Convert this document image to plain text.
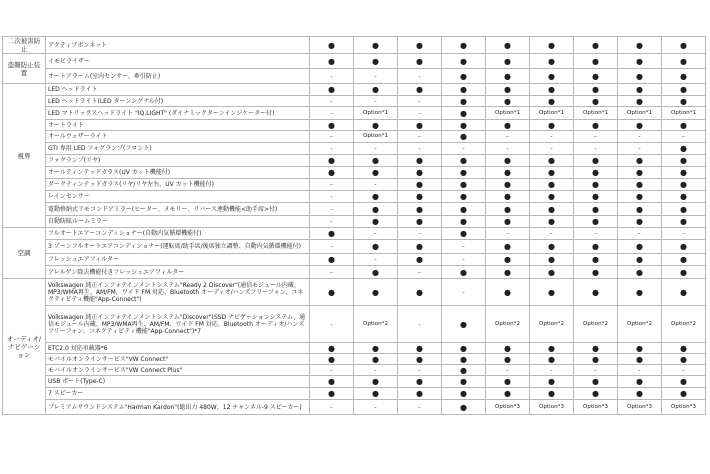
二次被害防止	アクティブボンネット	●	●	●	●	●	●	●	●	●
盗難防止装置	イモビライザー	●	●	●	●	●	●	●	●	●
	オートアラーム(室内センサー、牽引防止)	-	-	-	●	●	●	●	●	●
視界	LED ヘッドライト	●	●	●	●	●	●	●	●	●
	LED ヘッドライト(LED ターンシグナル付)	-	-	-	●	●	●	●	●	●
	LED マトリックスヘッドライト "IQ.LIGHT" (ダイナミックターンインジケーター付)	-	Option*1	-	●	Option*1	Option*1	Option*1	Option*1	Option*1
	オートライト	●	●	●	●	●	●	●	●	●
	オールウェザーライト	-	Option*1	-	●	-	-	-	-	-
	GTI 専用 LED フォグランプ(フロント)	-	-	-	-	-	-	-	-	●
	フォグランプ(リヤ)	●	●	●	●	●	●	●	●	●
	オールティンテッドガラス(UV カット機能付)	●	●	●	●	●	●	●	●	●
	ダークティンテッドガラス(リヤ/リヤ左右、UV カット機能付)	-	-	●	●	●	●	●	●	●
	レインセンサー	-	●	●	●	●	●	●	●	●
	電動格納式リモコンドアミラー(ヒーター、メモリー、リバース連動機能<助手席>付)	-	●	●	●	●	●	●	●	●
	自動防眩ルームミラー	-	●	●	●	●	●	●	●	●
空調	フルオートエアーコンディショナー(自動内気循環機能付)	●	-	-	●	-	-	-	-	-
	3 ゾーンフルオートエアコンディショナー(運転席/助手席/後席独立調整、自動内気循環機能付)	-	●	●	-	●	●	●	●	●
	フレッシュエアフィルター	●	-	●	-	●	●	●	●	●
	アレルゲン除去機能付きフレッシュエアフィルター	-	●	-	●	●	●	●	●	●
オーディオ/ナビゲーション	Volkswagen 純正インフォテインメントシステム"Ready 2 Discover"(通信モジュール内蔵、MP3/WMA再生、AM/FM、ワイド FM 対応、Bluetooth オーディオ/ハンズフリーフォン、コネクティビティ機能"App-Connect")	●	●	●	-	●	●	●	●	●
	Volkswagen 純正インフォテインメントシステム"Discover"(SSD ナビゲーションシステム、通信モジュール内蔵、MP3/WMA再生、AM/FM、ワイド FM 対応、Bluetooth オーディオ/ハンズフリーフォン、コネクティビティ機能"App-Connect")*7	-	Option*2	-	●	Option*2	Option*2	Option*2	Option*2	Option*2
	ETC2.0 対応車載器*6	●	●	●	●	●	●	●	●	●
	モバイルオンラインサービス"VW Connect"	●	●	●	●	●	●	●	●	●
	モバイルオンラインサービス"VW Connect Plus"	-	-	-	●	-	-	-	-	-
	USB ポート(Type-C)	●	●	●	●	●	●	●	●	●
	7 スピーカー	●	●	●	●	●	●	●	●	●
	プレミアムサウンドシステム"Harman Kardon"(総出力 480W、12 チャンネル-9 スピーカー)	-	-	-	●	Option*3	Option*3	Option*3	Option*3	Option*3
